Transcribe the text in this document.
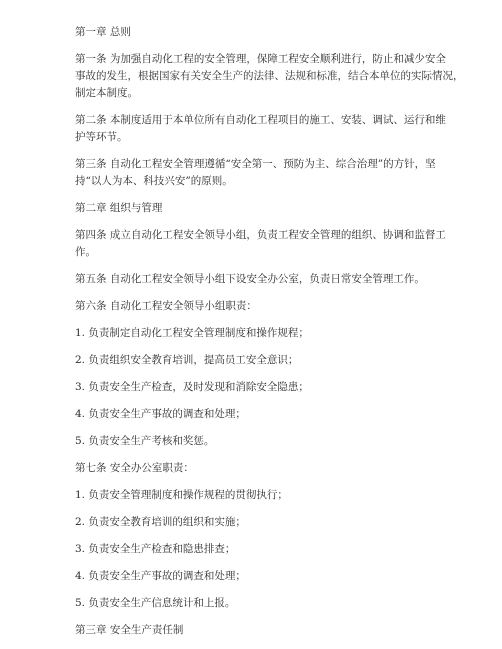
第一章 总则

第一条 为加强自动化工程的安全管理，保障工程安全顺利进行，防止和减少安全

事故的发生，根据国家有关安全生产的法律、法规和标准，结合本单位的实际情况，

制定本制度。

第二条 本制度适用于本单位所有自动化工程项目的施工、安装、调试、运行和维

护等环节。

第三条 自动化工程安全管理遵循“安全第一、预防为主、综合治理”的方针，坚

持“以人为本、科技兴安”的原则。

第二章 组织与管理

第四条 成立自动化工程安全领导小组，负责工程安全管理的组织、协调和监督工

作。

第五条 自动化工程安全领导小组下设安全办公室，负责日常安全管理工作。

第六条 自动化工程安全领导小组职责：

1. 负责制定自动化工程安全管理制度和操作规程；

2. 负责组织安全教育培训，提高员工安全意识；

3. 负责安全生产检查，及时发现和消除安全隐患；

4. 负责安全生产事故的调查和处理；

5. 负责安全生产考核和奖惩。

第七条 安全办公室职责：

1. 负责安全管理制度和操作规程的贯彻执行；

2. 负责安全教育培训的组织和实施；

3. 负责安全生产检查和隐患排查；

4. 负责安全生产事故的调查和处理；

5. 负责安全生产信息统计和上报。

第三章 安全生产责任制
